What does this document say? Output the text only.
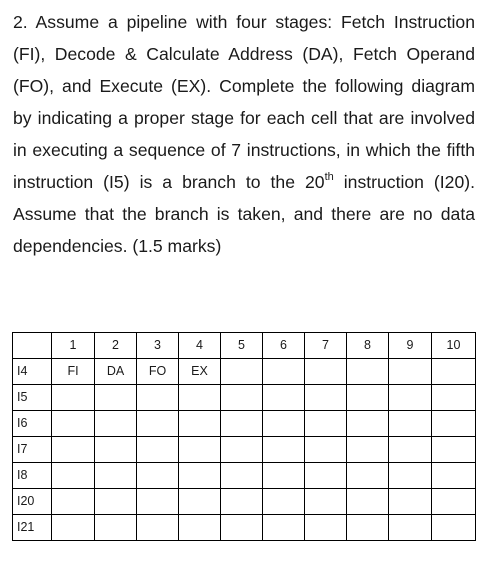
2. Assume a pipeline with four stages: Fetch Instruction (FI), Decode & Calculate Address (DA), Fetch Operand (FO), and Execute (EX). Complete the following diagram by indicating a proper stage for each cell that are involved in executing a sequence of 7 instructions, in which the fifth instruction (I5) is a branch to the 20th instruction (I20). Assume that the branch is taken, and there are no data dependencies. (1.5 marks)

	1	2	3	4	5	6	7	8	9	10
I4	FI	DA	FO	EX						
I5										
I6										
I7										
I8										
I20										
I21										
